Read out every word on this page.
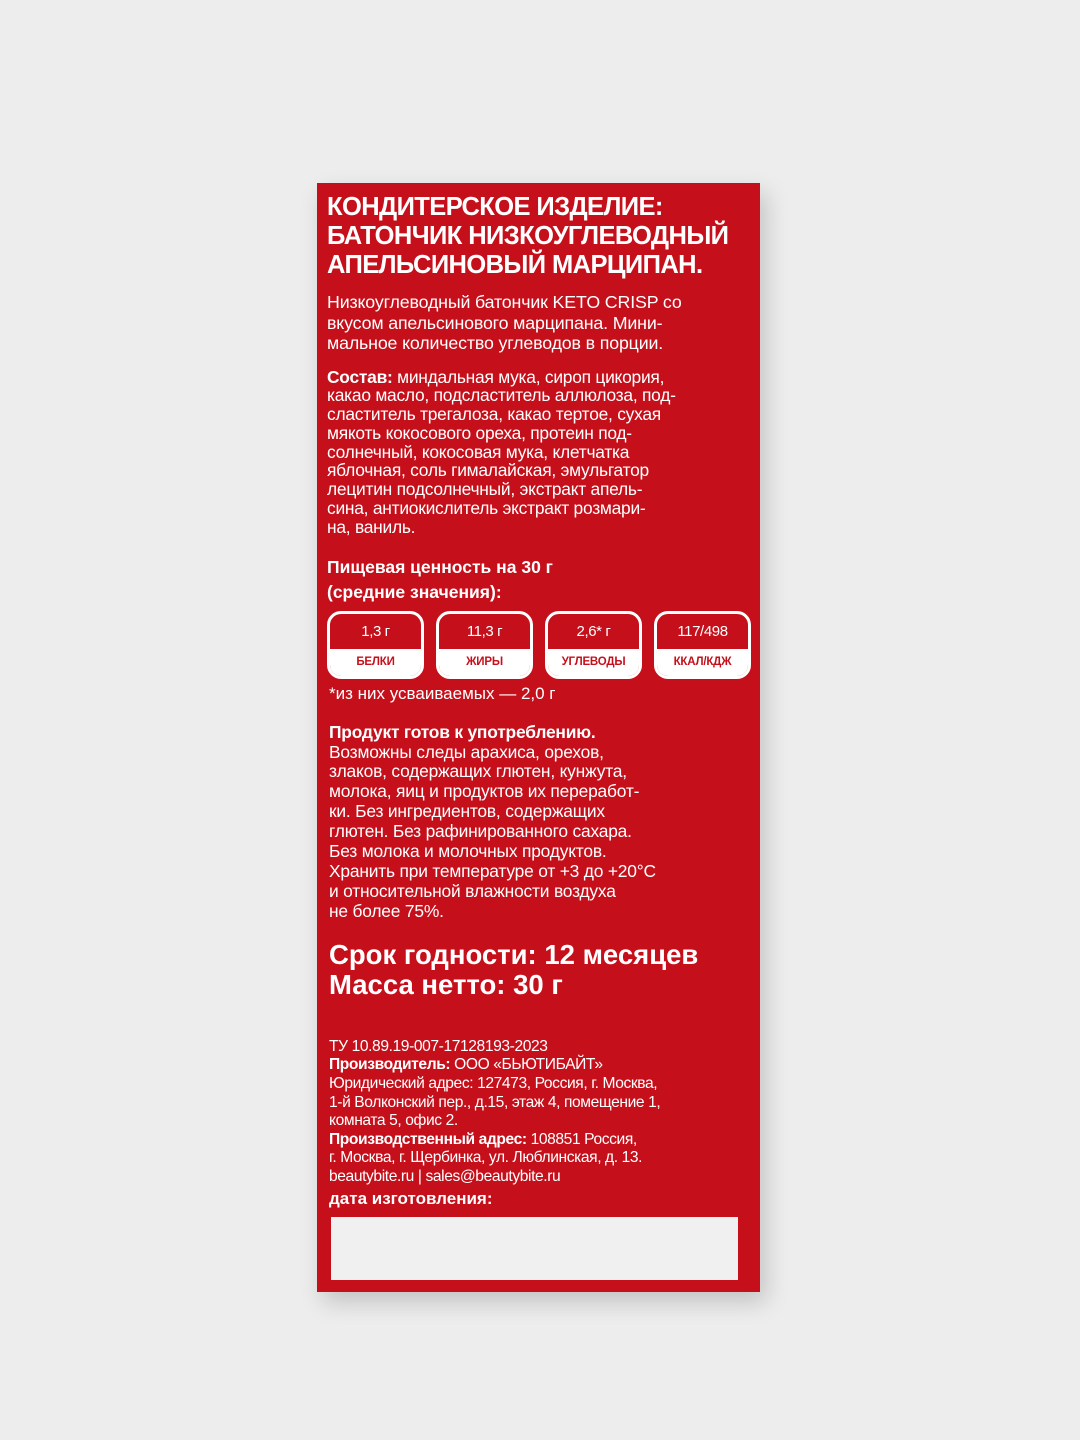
КОНДИТЕРСКОЕ ИЗДЕЛИЕ:
БАТОНЧИК НИЗКОУГЛЕВОДНЫЙ
АПЕЛЬСИНОВЫЙ МАРЦИПАН.
Низкоуглеводный батончик KETO CRISP со
вкусом апельсинового марципана. Мини-
мальное количество углеводов в порции.
Состав: миндальная мука, сироп цикория,
какао масло, подсластитель аллюлоза, под-
сластитель трегалоза, какао тертое, сухая
мякоть кокосового ореха, протеин под-
солнечный, кокосовая мука, клетчатка
яблочная, соль гималайская, эмульгатор
лецитин подсолнечный, экстракт апель-
сина, антиокислитель экстракт розмари-
на, ваниль.
Пищевая ценность на 30 г
(средние значения):
1,3 г
БЕЛКИ
11,3 г
ЖИРЫ
2,6* г
УГЛЕВОДЫ
117/498
ККАЛ/КДЖ
*из них усваиваемых — 2,0 г
Продукт готов к употреблению.
Возможны следы арахиса, орехов,
злаков, содержащих глютен, кунжута,
молока, яиц и продуктов их переработ-
ки. Без ингредиентов, содержащих
глютен. Без рафинированного сахара.
Без молока и молочных продуктов.
Хранить при температуре от +3 до +20°С
и относительной влажности воздуха
не более 75%.
Срок годности: 12 месяцев
Масса нетто: 30 г
ТУ 10.89.19-007-17128193-2023
Производитель: ООО «БЬЮТИБАЙТ»
Юридический адрес: 127473, Россия, г. Москва,
1-й Волконский пер., д.15, этаж 4, помещение 1,
комната 5, офис 2.
Производственный адрес: 108851 Россия,
г. Москва, г. Щербинка, ул. Люблинская, д. 13.
beautybite.ru | sales@beautybite.ru
дата изготовления:
